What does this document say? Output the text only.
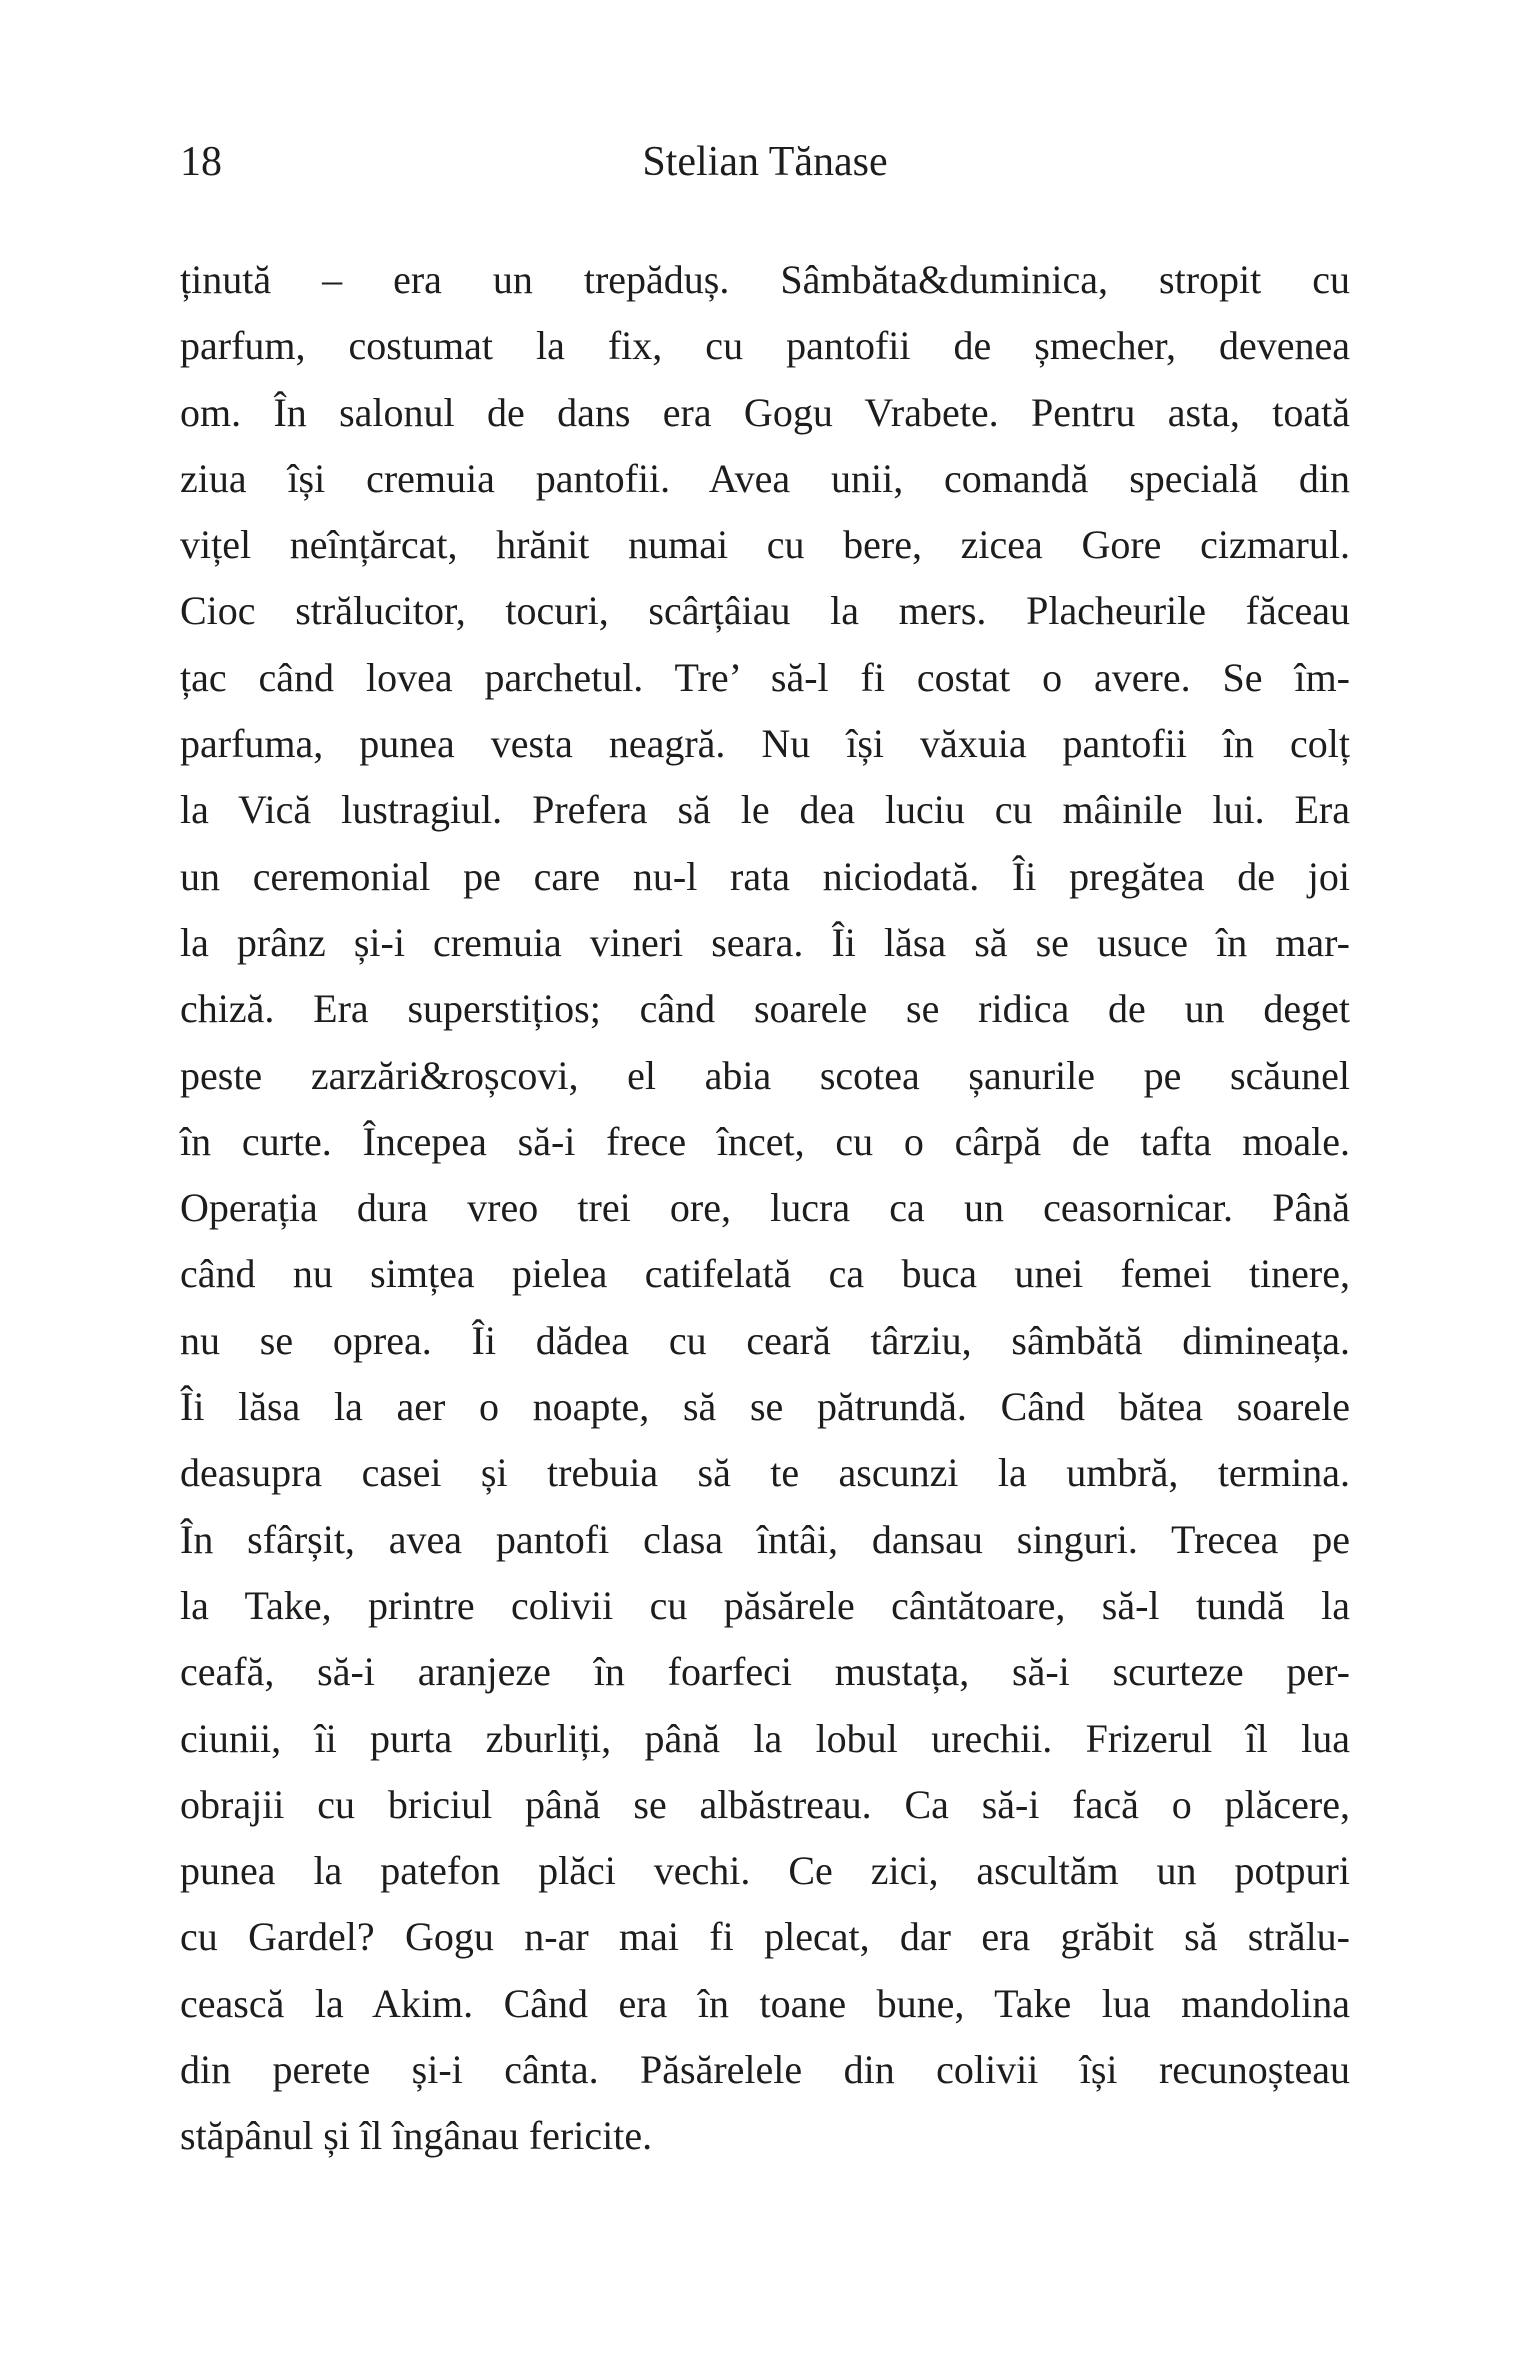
18	Stelian Tănase
ținută – era un trepăduș. Sâmbăta&duminica, stropit cu
parfum, costumat la fix, cu pantofii de șmecher, devenea
om. În salonul de dans era Gogu Vrabete. Pentru asta, toată
ziua își cremuia pantofii. Avea unii, comandă specială din
vițel neînțărcat, hrănit numai cu bere, zicea Gore cizmarul.
Cioc strălucitor, tocuri, scârțâiau la mers. Placheurile făceau
țac când lovea parchetul. Tre’ să-l fi costat o avere. Se îm-
parfuma, punea vesta neagră. Nu își văxuia pantofii în colț
la Vică lustragiul. Prefera să le dea luciu cu mâinile lui. Era
un ceremonial pe care nu-l rata niciodată. Îi pregătea de joi
la prânz și-i cremuia vineri seara. Îi lăsa să se usuce în mar-
chiză. Era superstițios; când soarele se ridica de un deget
peste zarzări&roșcovi, el abia scotea șanurile pe scăunel
în curte. Începea să-i frece încet, cu o cârpă de tafta moale.
Operația dura vreo trei ore, lucra ca un ceasornicar. Până
când nu simțea pielea catifelată ca buca unei femei tinere,
nu se oprea. Îi dădea cu ceară târziu, sâmbătă dimineața.
Îi lăsa la aer o noapte, să se pătrundă. Când bătea soarele
deasupra casei și trebuia să te ascunzi la umbră, termina.
În sfârșit, avea pantofi clasa întâi, dansau singuri. Trecea pe
la Take, printre colivii cu păsărele cântătoare, să-l tundă la
ceafă, să-i aranjeze în foarfeci mustața, să-i scurteze per-
ciunii, îi purta zburliți, până la lobul urechii. Frizerul îl lua
obrajii cu briciul până se albăstreau. Ca să-i facă o plăcere,
punea la patefon plăci vechi. Ce zici, ascultăm un potpuri
cu Gardel? Gogu n-ar mai fi plecat, dar era grăbit să strălu-
cească la Akim. Când era în toane bune, Take lua mandolina
din perete și-i cânta. Păsărelele din colivii își recunoșteau
stăpânul și îl îngânau fericite.
